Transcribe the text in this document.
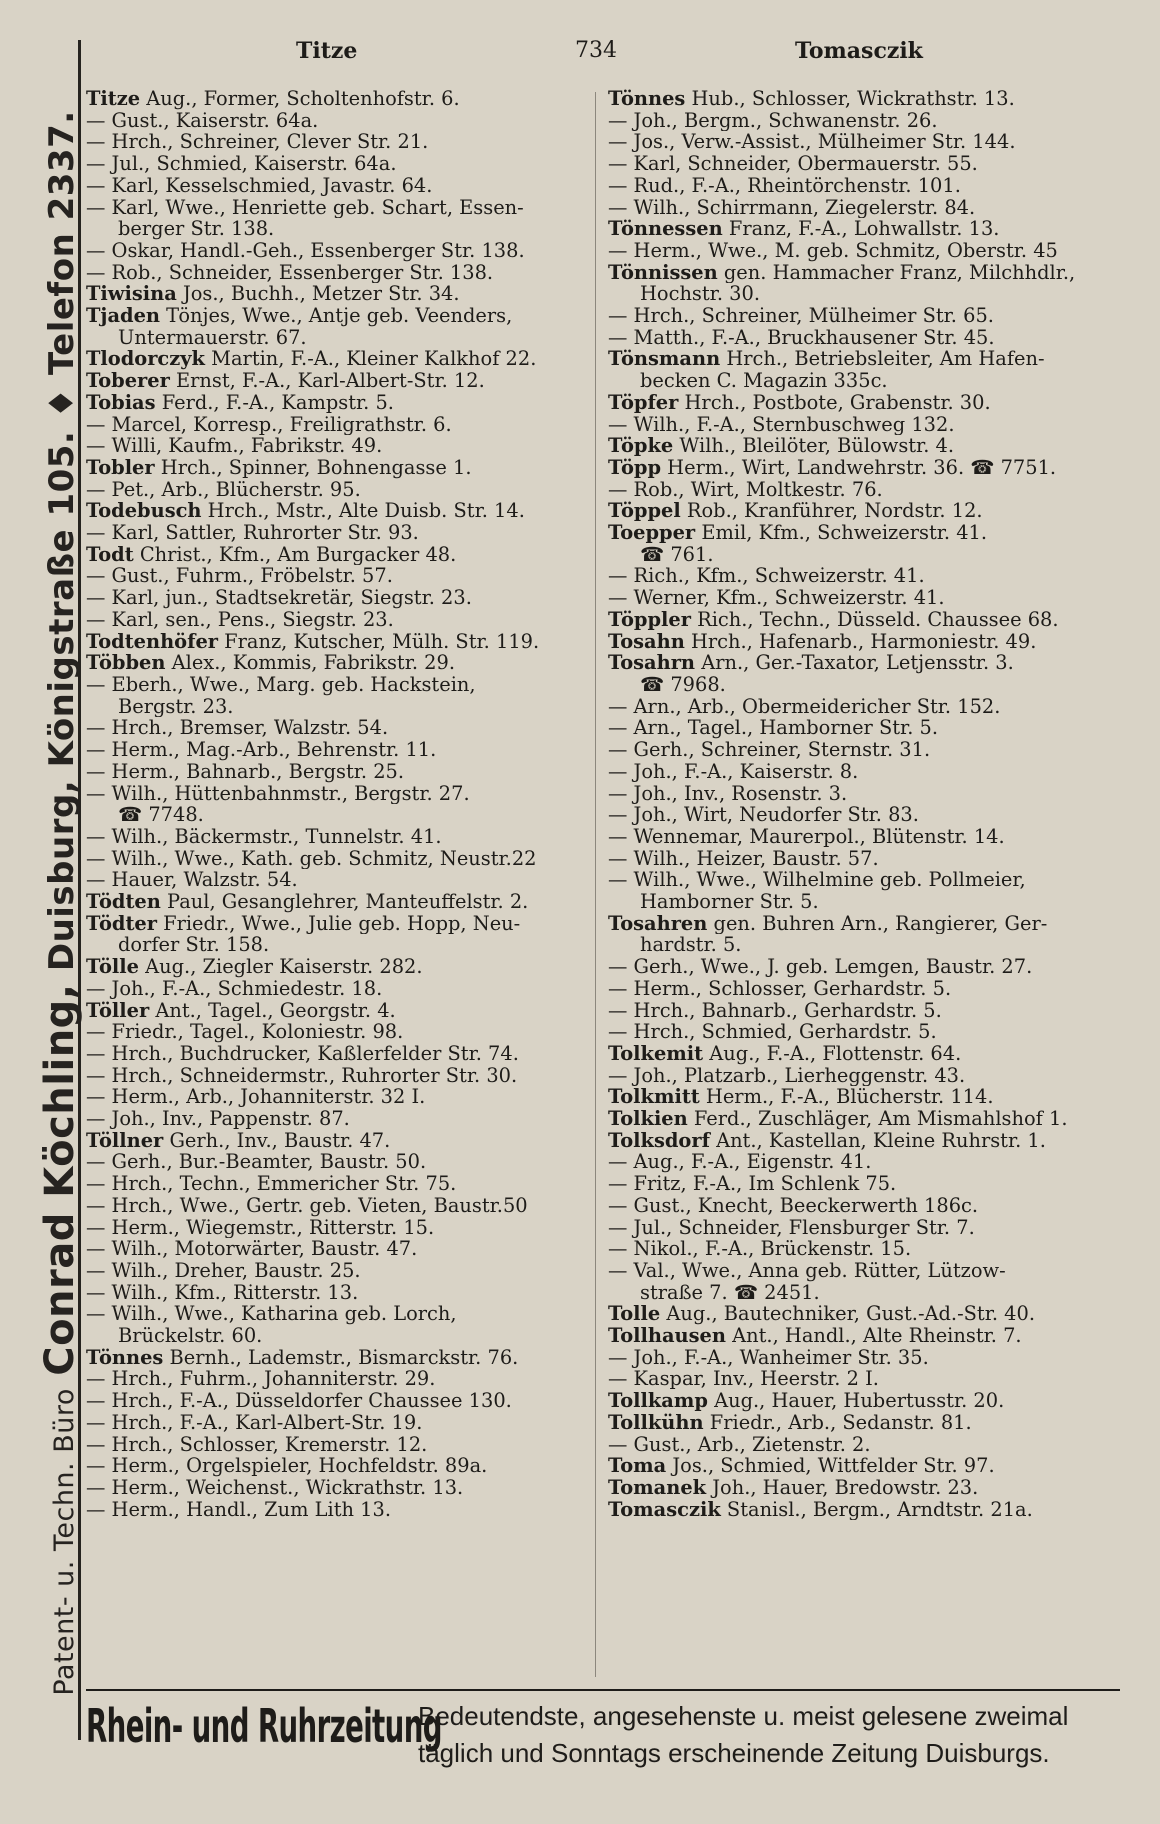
Patent- u. Techn. Büro Conrad Köchling, Duisburg, Königstraße 105. ♦ Telefon 2337.
Titze	734	Tomasczik
Titze Aug., Former, Scholtenhofstr. 6.
— Gust., Kaiserstr. 64a.
— Hrch., Schreiner, Clever Str. 21.
— Jul., Schmied, Kaiserstr. 64a.
— Karl, Kesselschmied, Javastr. 64.
— Karl, Wwe., Henriette geb. Schart, Essen-
berger Str. 138.
— Oskar, Handl.-Geh., Essenberger Str. 138.
— Rob., Schneider, Essenberger Str. 138.
Tiwisina Jos., Buchh., Metzer Str. 34.
Tjaden Tönjes, Wwe., Antje geb. Veenders,
Untermauerstr. 67.
Tlodorczyk Martin, F.-A., Kleiner Kalkhof 22.
Toberer Ernst, F.-A., Karl-Albert-Str. 12.
Tobias Ferd., F.-A., Kampstr. 5.
— Marcel, Korresp., Freiligrathstr. 6.
— Willi, Kaufm., Fabrikstr. 49.
Tobler Hrch., Spinner, Bohnengasse 1.
— Pet., Arb., Blücherstr. 95.
Todebusch Hrch., Mstr., Alte Duisb. Str. 14.
— Karl, Sattler, Ruhrorter Str. 93.
Todt Christ., Kfm., Am Burgacker 48.
— Gust., Fuhrm., Fröbelstr. 57.
— Karl, jun., Stadtsekretär, Siegstr. 23.
— Karl, sen., Pens., Siegstr. 23.
Todtenhöfer Franz, Kutscher, Mülh. Str. 119.
Többen Alex., Kommis, Fabrikstr. 29.
— Eberh., Wwe., Marg. geb. Hackstein,
Bergstr. 23.
— Hrch., Bremser, Walzstr. 54.
— Herm., Mag.-Arb., Behrenstr. 11.
— Herm., Bahnarb., Bergstr. 25.
— Wilh., Hüttenbahnmstr., Bergstr. 27.
☎ 7748.
— Wilh., Bäckermstr., Tunnelstr. 41.
— Wilh., Wwe., Kath. geb. Schmitz, Neustr.22
— Hauer, Walzstr. 54.
Tödten Paul, Gesanglehrer, Manteuffelstr. 2.
Tödter Friedr., Wwe., Julie geb. Hopp, Neu-
dorfer Str. 158.
Tölle Aug., Ziegler Kaiserstr. 282.
— Joh., F.-A., Schmiedestr. 18.
Töller Ant., Tagel., Georgstr. 4.
— Friedr., Tagel., Koloniestr. 98.
— Hrch., Buchdrucker, Kaßlerfelder Str. 74.
— Hrch., Schneidermstr., Ruhrorter Str. 30.
— Herm., Arb., Johanniterstr. 32 I.
— Joh., Inv., Pappenstr. 87.
Töllner Gerh., Inv., Baustr. 47.
— Gerh., Bur.-Beamter, Baustr. 50.
— Hrch., Techn., Emmericher Str. 75.
— Hrch., Wwe., Gertr. geb. Vieten, Baustr.50
— Herm., Wiegemstr., Ritterstr. 15.
— Wilh., Motorwärter, Baustr. 47.
— Wilh., Dreher, Baustr. 25.
— Wilh., Kfm., Ritterstr. 13.
— Wilh., Wwe., Katharina geb. Lorch,
Brückelstr. 60.
Tönnes Bernh., Lademstr., Bismarckstr. 76.
— Hrch., Fuhrm., Johanniterstr. 29.
— Hrch., F.-A., Düsseldorfer Chaussee 130.
— Hrch., F.-A., Karl-Albert-Str. 19.
— Hrch., Schlosser, Kremerstr. 12.
— Herm., Orgelspieler, Hochfeldstr. 89a.
— Herm., Weichenst., Wickrathstr. 13.
— Herm., Handl., Zum Lith 13.
Tönnes Hub., Schlosser, Wickrathstr. 13.
— Joh., Bergm., Schwanenstr. 26.
— Jos., Verw.-Assist., Mülheimer Str. 144.
— Karl, Schneider, Obermauerstr. 55.
— Rud., F.-A., Rheintörchenstr. 101.
— Wilh., Schirrmann, Ziegelerstr. 84.
Tönnessen Franz, F.-A., Lohwallstr. 13.
— Herm., Wwe., M. geb. Schmitz, Oberstr. 45
Tönnissen gen. Hammacher Franz, Milchhdlr.,
Hochstr. 30.
— Hrch., Schreiner, Mülheimer Str. 65.
— Matth., F.-A., Bruckhausener Str. 45.
Tönsmann Hrch., Betriebsleiter, Am Hafen-
becken C. Magazin 335c.
Töpfer Hrch., Postbote, Grabenstr. 30.
— Wilh., F.-A., Sternbuschweg 132.
Töpke Wilh., Bleilöter, Bülowstr. 4.
Töpp Herm., Wirt, Landwehrstr. 36. ☎ 7751.
— Rob., Wirt, Moltkestr. 76.
Töppel Rob., Kranführer, Nordstr. 12.
Toepper Emil, Kfm., Schweizerstr. 41.
☎ 761.
— Rich., Kfm., Schweizerstr. 41.
— Werner, Kfm., Schweizerstr. 41.
Töppler Rich., Techn., Düsseld. Chaussee 68.
Tosahn Hrch., Hafenarb., Harmoniestr. 49.
Tosahrn Arn., Ger.-Taxator, Letjensstr. 3.
☎ 7968.
— Arn., Arb., Obermeidericher Str. 152.
— Arn., Tagel., Hamborner Str. 5.
— Gerh., Schreiner, Sternstr. 31.
— Joh., F.-A., Kaiserstr. 8.
— Joh., Inv., Rosenstr. 3.
— Joh., Wirt, Neudorfer Str. 83.
— Wennemar, Maurerpol., Blütenstr. 14.
— Wilh., Heizer, Baustr. 57.
— Wilh., Wwe., Wilhelmine geb. Pollmeier,
Hamborner Str. 5.
Tosahren gen. Buhren Arn., Rangierer, Ger-
hardstr. 5.
— Gerh., Wwe., J. geb. Lemgen, Baustr. 27.
— Herm., Schlosser, Gerhardstr. 5.
— Hrch., Bahnarb., Gerhardstr. 5.
— Hrch., Schmied, Gerhardstr. 5.
Tolkemit Aug., F.-A., Flottenstr. 64.
— Joh., Platzarb., Lierheggenstr. 43.
Tolkmitt Herm., F.-A., Blücherstr. 114.
Tolkien Ferd., Zuschläger, Am Mismahlshof 1.
Tolksdorf Ant., Kastellan, Kleine Ruhrstr. 1.
— Aug., F.-A., Eigenstr. 41.
— Fritz, F.-A., Im Schlenk 75.
— Gust., Knecht, Beeckerwerth 186c.
— Jul., Schneider, Flensburger Str. 7.
— Nikol., F.-A., Brückenstr. 15.
— Val., Wwe., Anna geb. Rütter, Lützow-
straße 7. ☎ 2451.
Tolle Aug., Bautechniker, Gust.-Ad.-Str. 40.
Tollhausen Ant., Handl., Alte Rheinstr. 7.
— Joh., F.-A., Wanheimer Str. 35.
— Kaspar, Inv., Heerstr. 2 I.
Tollkamp Aug., Hauer, Hubertusstr. 20.
Tollkühn Friedr., Arb., Sedanstr. 81.
— Gust., Arb., Zietenstr. 2.
Toma Jos., Schmied, Wittfelder Str. 97.
Tomanek Joh., Hauer, Bredowstr. 23.
Tomasczik Stanisl., Bergm., Arndtstr. 21a.
Rhein- und Ruhrzeitung
Bedeutendste, angesehenste u. meist gelesene zweimal
täglich und Sonntags erscheinende Zeitung Duisburgs.
